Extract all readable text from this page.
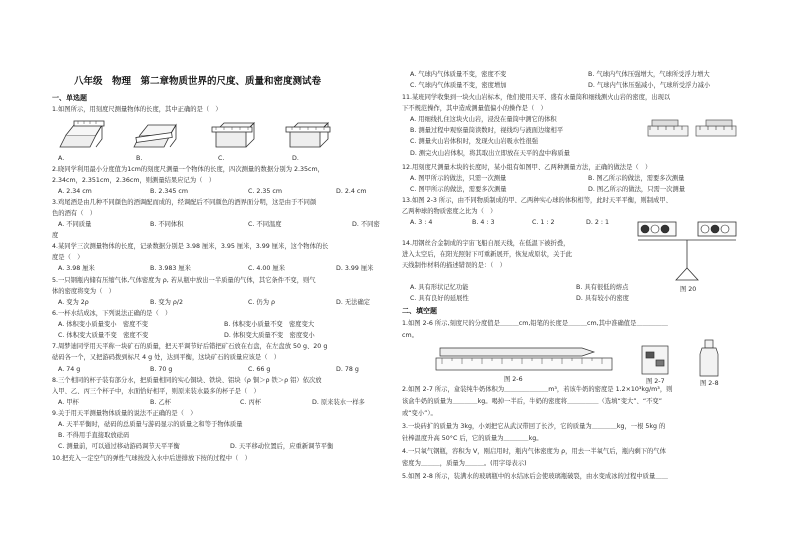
八年级　物理　第二章物质世界的尺度、质量和密度测试卷
一、单选题
1.如图所示，用刻度尺测量物体的长度，其中正确的是（　）
A.	B.	C.	D.
2.晓同学利用最小分度值为1cm的刻度尺测量一个物体的长度，四次测量的数据分别为 2.35cm，
2.34cm，2.351cm，2.36cm，则测量结果应记为（　）
A. 2.34 cm	B. 2.345 cm	C. 2.35 cm	D. 2.4 cm
3.鸡尾酒是由几种不同颜色的酒调配而成的，经调配后不同颜色的酒界面分明，这是由于不同颜
色的酒有（　）
A. 不同质量	B. 不同体积	C. 不同温度	D. 不同密
度
4.某同学三次测量物体的长度，记录数据分别是 3.98 厘米，3.95 厘米，3.99 厘米，这个物体的长
度是（　）
A. 3.98 厘米	B. 3.983 厘米	C. 4.00 厘米	D. 3.99 厘米
5.一只钢瓶内储有压缩气体,气体密度为 ρ, 若从瓶中放出一半质量的气体，其它条件不变，则气
体的密度将变为（　）
A. 变为 2ρ	B. 变为 ρ/2	C. 仍为 ρ	D. 无法确定
6.一杯水结成冰，下列说法正确的是（　）
A. 体积变小质量变小　密度不变	B. 体积变小质量不变　密度变大
C. 体积变大质量不变　密度不变	D. 体积变大质量不变　密度变小
7.周梦迪同学用天平称一块矿石的质量，把天平调节好后错把矿石放在右盘，在左盘放 50 g、20 g
砝码各一个，又把游码拨到标尺 4 g 处，达到平衡，这块矿石的质量应该是（　）
A. 74 g	B. 70 g	C. 66 g	D. 78 g
8.三个相同的杯子装有部分水，把质量相同的实心铜块、铁块、铝块（ρ 铜＞ρ 铁＞ρ 铝）依次放
入甲、乙、丙三个杯子中，水面恰好相平，则原来装水最多的杯子是（　）
A. 甲杯	B. 乙杯	C. 丙杯	D. 原来装水一样多
9.关于用天平测量物体质量的说法不正确的是（　）
A. 天平平衡时，砝码的总质量与游码显示的质量之和等于物体质量
B. 不得用手直接取放砝码
C. 测量前，可以通过移动游码调节天平平衡	D. 天平移动位置后，应重新调节平衡
10.把充入一定空气的弹性气球按没入水中后进排放下按的过程中（　）
A. 气球内气体质量不变，密度不变	B. 气球内气体压强增大，气球所受浮力增大
C. 气球内气体质量不变，密度增加	D. 气球内气体压强减小，气球所受浮力减小
11.某班同学收集到一块火山岩标本，他们使用天平、盛有水量筒和细线测火山岩的密度，出现以
下不规范操作，其中造成测量值偏小的操作是（　）
A. 用细线扎住这块火山岩，浸没在量筒中测它的体积
B. 测量过程中观察量筒读数时，视线均与液面边缘相平
C. 测量火山岩体积时，发现火山岩吸水性很强
D. 测完火山岩体积，将其取出立即放在天平的盘中称质量
12.用刻度尺测量木块的长度时，某小组有如图甲、乙两种测量方法，正确的做法是（　）
A. 图甲所示的做法，只需一次测量	B. 图乙所示的做法，需要多次测量
C. 图甲所示的做法，需要多次测量	D. 图乙所示的做法，只需一次测量
13.如图 2-3 所示，由不同物质制成的甲、乙两种实心球的体积相等，此时天平平衡，则制成甲、
乙两种球的物质密度之比为（　）
A. 3 : 4	B. 4 : 3	C. 1 : 2	D. 2 : 1
图 20
14.用钢丝合金制成的宇宙飞船自展天线，在低温下被折叠，
进入太空后，在阳光照射下可重新展开，恢复成原状，关于此
天线制作材料的描述错误的是：（　）
A. 具有形状记忆功能	B. 具有很低的熔点
C. 具有良好的延展性	D. 具有较小的密度
二、填空题
1.如图 2-6 所示,刻度尺的分度值是＿＿＿cm,铅笔的长度是＿＿＿cm,其中准确值是＿＿＿＿＿
cm。
图 2-6	图 2-7	图 2-8
2.如图 2-7 所示，盒装纯牛奶体积为＿＿＿＿＿＿＿m³，若该牛奶的密度是 1.2×10³kg/m³，则
该盒牛奶的质量为＿＿＿＿kg。喝掉一半后，牛奶的密度将＿＿＿＿＿（选填“变大”、“不变”
或“变小”）。
3.一块砖扩的质量为 3kg，小刘把它从武汉带回了长沙，它的质量为＿＿＿＿kg，一根 5kg 的
钍棒温度升高 50°C 后，它的质量为＿＿＿＿kg。
4.一只氧气钢瓶，容积为 V，刚启用时，瓶内气体密度为 ρ，用去一半氧气后，瓶内剩下的气体
密度为＿＿＿，质量为＿＿＿。(用字母表示)
5.如图 2-8 所示，装满水的玻璃瓶中的水结冰后会使玻璃瓶破裂，由水变成冰的过程中质量＿＿
